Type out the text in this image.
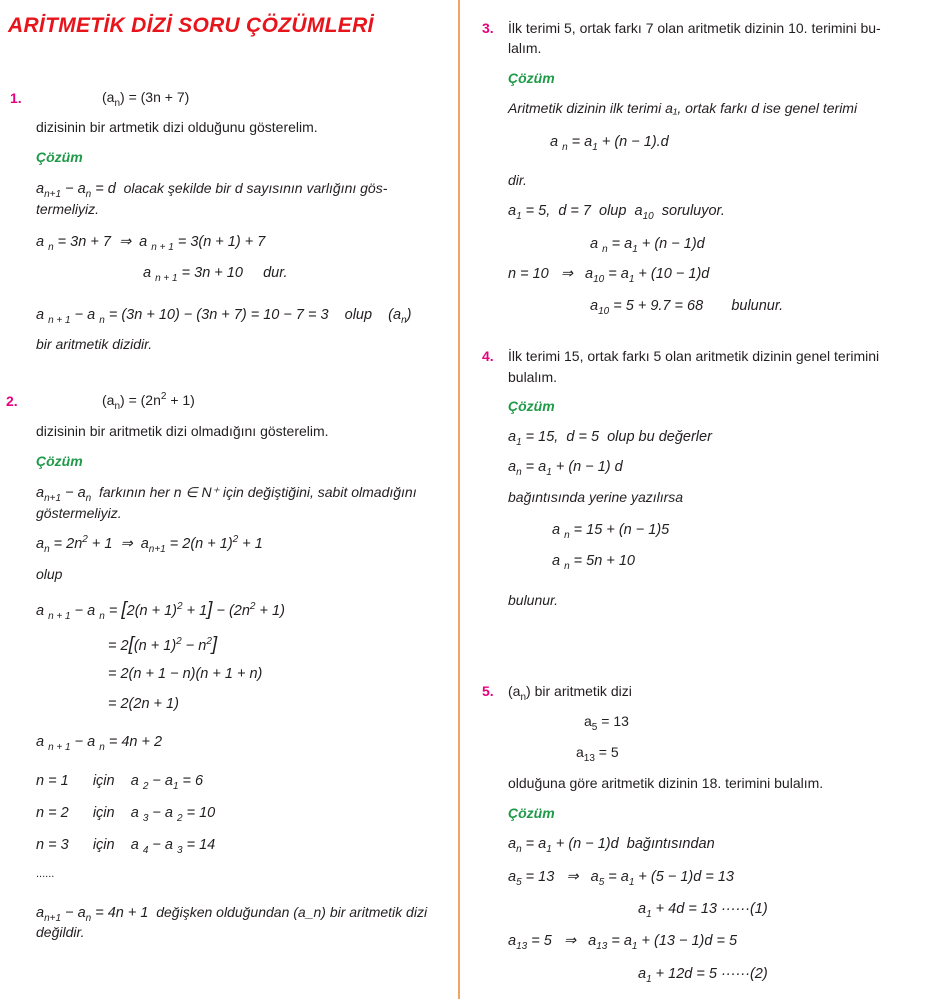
ARİTMETİK DİZİ SORU ÇÖZÜMLERİ
1.	$(a_n) = (3n + 7)$
dizisinin bir artmetik dizi olduğunu gösterelim.
Çözüm
$a_{n+1} - a_n = d$ olacak şekilde bir d sayısının varlığını gös-
termeliyiz.
a $_n$ = 3n + 7  ⇒  a $_{n + 1}$ = 3(n + 1) + 7
a $_{n + 1}$ = 3n + 10     dur.
a $_{n + 1}$ − a $_n$ = (3n + 10) − (3n + 7) = 10 − 7 = 3    olup    $(a_n)$
bir aritmetik dizidir.
2.	$(a_n) = (2n^2 + 1)$
dizisinin bir aritmetik dizi olmadığını gösterelim.
Çözüm
$a_{n+1} - a_n$ farkının her n ∈ N⁺ için değiştiğini, sabit olmadığını
göstermeliyiz.
$a_n = 2n^2 + 1$  ⇒  $a_{n+1} = 2(n + 1)^2 + 1$
olup
a $_{n + 1}$ − a $_n = [2(n + 1)^2 + 1] - (2n^2 + 1)$
= $2[(n + 1)^2 - n^2]$
= 2(n + 1 − n)(n + 1 + n)
= 2(2n + 1)
a $_{n + 1}$ − a $_n$ = 4n + 2
n = 1      için    a $_2 - a_1 = 6$
n = 2      için    a $_3$ − a $_2$ = 10
n = 3      için    a $_4$ − a $_3$ = 14
......
$a_{n+1} - a_n = 4n + 1$ değişken olduğundan (a_n) bir aritmetik dizi
değildir.
3. İlk terimi 5, ortak farkı 7 olan aritmetik dizinin 10. terimini bu-
lalım.
Çözüm
Aritmetik dizinin ilk terimi a₁, ortak farkı d ise genel terimi
a $_n = a_1 + (n - 1).d$
dir.
$a_1 = 5$,  d = 7  olup  $a_{10}$ soruluyor.
a $_n = a_1 + (n - 1)d$
n = 10   ⇒   $a_{10} = a_1 + (10 - 1)d$
$a_{10} = 5 + 9.7 = 68$       bulunur.
4. İlk terimi 15, ortak farkı 5 olan aritmetik dizinin genel terimini
bulalım.
Çözüm
$a_1 = 15$,  d = 5  olup bu değerler
$a_n = a_1 + (n - 1)$ d
bağıntısında yerine yazılırsa
a $_n$ = 15 + (n − 1)5
a $_n$ = 5n + 10
bulunur.
5. $(a_n)$ bir aritmetik dizi
$a_5 = 13$
$a_{13} = 5$
olduğuna göre aritmetik dizinin 18. terimini bulalım.
Çözüm
$a_n = a_1 + (n - 1)d$  bağıntısından
$a_5 = 13$   ⇒   $a_5 = a_1 + (5 - 1)d = 13$
$a_1 + 4d = 13 \cdot\cdot\cdot\cdot\cdot\cdot(1)$
$a_{13} = 5$   ⇒   $a_{13} = a_1 + (13 - 1)d = 5$
$a_1 + 12d = 5 \cdot\cdot\cdot\cdot\cdot\cdot(2)$
